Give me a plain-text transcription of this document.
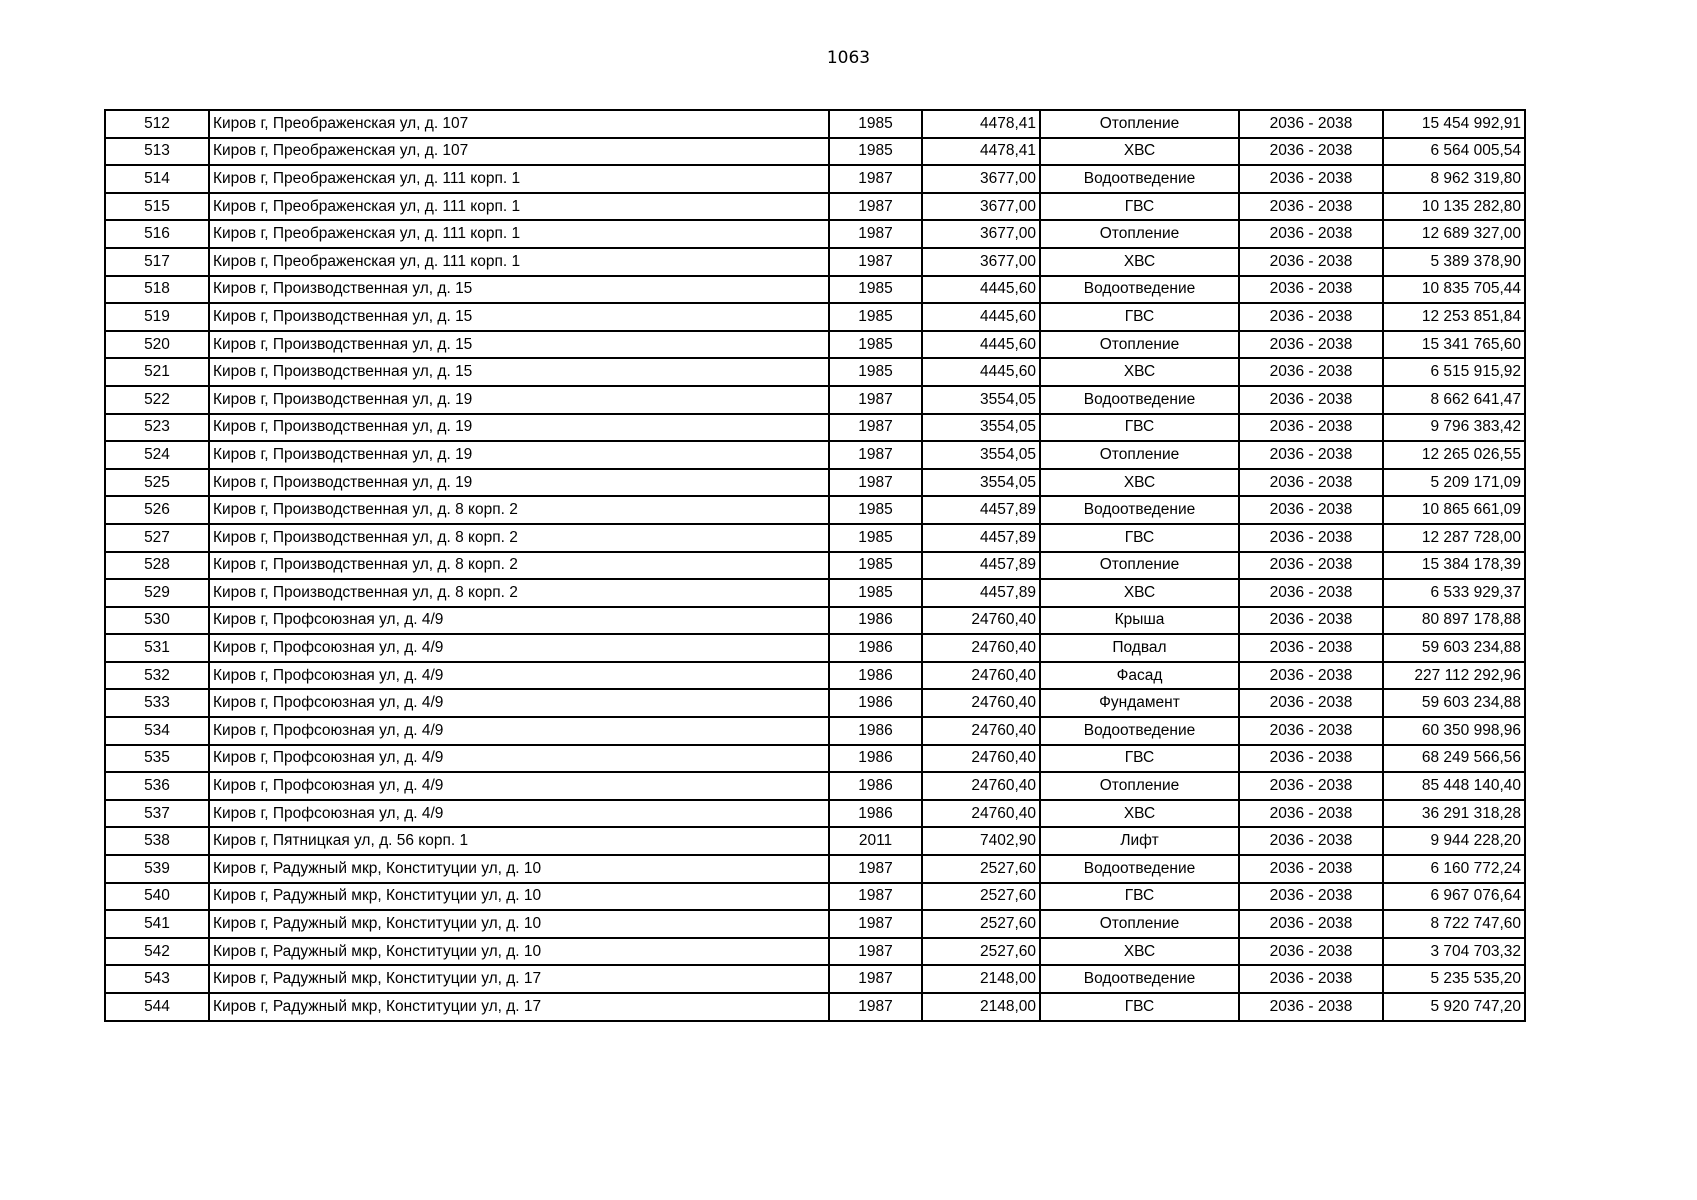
1063
512	Киров г, Преображенская ул, д. 107	1985	4478,41	Отопление	2036 - 2038	15 454 992,91
513	Киров г, Преображенская ул, д. 107	1985	4478,41	ХВС	2036 - 2038	6 564 005,54
514	Киров г, Преображенская ул, д. 111 корп. 1	1987	3677,00	Водоотведение	2036 - 2038	8 962 319,80
515	Киров г, Преображенская ул, д. 111 корп. 1	1987	3677,00	ГВС	2036 - 2038	10 135 282,80
516	Киров г, Преображенская ул, д. 111 корп. 1	1987	3677,00	Отопление	2036 - 2038	12 689 327,00
517	Киров г, Преображенская ул, д. 111 корп. 1	1987	3677,00	ХВС	2036 - 2038	5 389 378,90
518	Киров г, Производственная ул, д. 15	1985	4445,60	Водоотведение	2036 - 2038	10 835 705,44
519	Киров г, Производственная ул, д. 15	1985	4445,60	ГВС	2036 - 2038	12 253 851,84
520	Киров г, Производственная ул, д. 15	1985	4445,60	Отопление	2036 - 2038	15 341 765,60
521	Киров г, Производственная ул, д. 15	1985	4445,60	ХВС	2036 - 2038	6 515 915,92
522	Киров г, Производственная ул, д. 19	1987	3554,05	Водоотведение	2036 - 2038	8 662 641,47
523	Киров г, Производственная ул, д. 19	1987	3554,05	ГВС	2036 - 2038	9 796 383,42
524	Киров г, Производственная ул, д. 19	1987	3554,05	Отопление	2036 - 2038	12 265 026,55
525	Киров г, Производственная ул, д. 19	1987	3554,05	ХВС	2036 - 2038	5 209 171,09
526	Киров г, Производственная ул, д. 8 корп. 2	1985	4457,89	Водоотведение	2036 - 2038	10 865 661,09
527	Киров г, Производственная ул, д. 8 корп. 2	1985	4457,89	ГВС	2036 - 2038	12 287 728,00
528	Киров г, Производственная ул, д. 8 корп. 2	1985	4457,89	Отопление	2036 - 2038	15 384 178,39
529	Киров г, Производственная ул, д. 8 корп. 2	1985	4457,89	ХВС	2036 - 2038	6 533 929,37
530	Киров г, Профсоюзная ул, д. 4/9	1986	24760,40	Крыша	2036 - 2038	80 897 178,88
531	Киров г, Профсоюзная ул, д. 4/9	1986	24760,40	Подвал	2036 - 2038	59 603 234,88
532	Киров г, Профсоюзная ул, д. 4/9	1986	24760,40	Фасад	2036 - 2038	227 112 292,96
533	Киров г, Профсоюзная ул, д. 4/9	1986	24760,40	Фундамент	2036 - 2038	59 603 234,88
534	Киров г, Профсоюзная ул, д. 4/9	1986	24760,40	Водоотведение	2036 - 2038	60 350 998,96
535	Киров г, Профсоюзная ул, д. 4/9	1986	24760,40	ГВС	2036 - 2038	68 249 566,56
536	Киров г, Профсоюзная ул, д. 4/9	1986	24760,40	Отопление	2036 - 2038	85 448 140,40
537	Киров г, Профсоюзная ул, д. 4/9	1986	24760,40	ХВС	2036 - 2038	36 291 318,28
538	Киров г, Пятницкая ул, д. 56 корп. 1	2011	7402,90	Лифт	2036 - 2038	9 944 228,20
539	Киров г, Радужный мкр, Конституции ул, д. 10	1987	2527,60	Водоотведение	2036 - 2038	6 160 772,24
540	Киров г, Радужный мкр, Конституции ул, д. 10	1987	2527,60	ГВС	2036 - 2038	6 967 076,64
541	Киров г, Радужный мкр, Конституции ул, д. 10	1987	2527,60	Отопление	2036 - 2038	8 722 747,60
542	Киров г, Радужный мкр, Конституции ул, д. 10	1987	2527,60	ХВС	2036 - 2038	3 704 703,32
543	Киров г, Радужный мкр, Конституции ул, д. 17	1987	2148,00	Водоотведение	2036 - 2038	5 235 535,20
544	Киров г, Радужный мкр, Конституции ул, д. 17	1987	2148,00	ГВС	2036 - 2038	5 920 747,20
